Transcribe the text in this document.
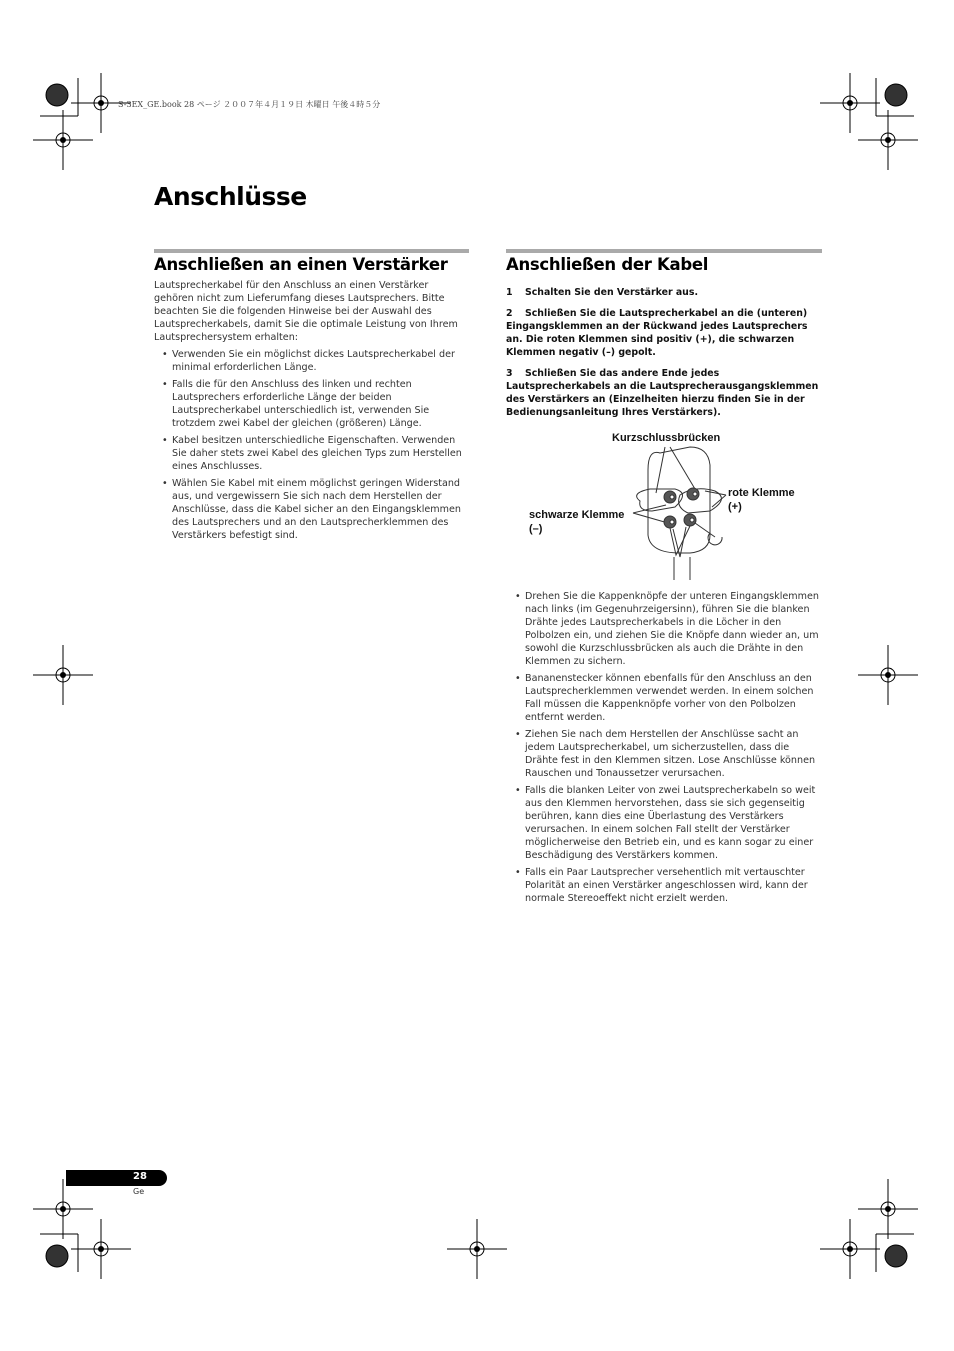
S-3EX_GE.book 28 ページ ２００７年４月１９日 木曜日 午後４時５分
Anschlüsse
Anschließen an einen Verstärker
Lautsprecherkabel für den Anschluss an einen Verstärker gehören nicht zum Lieferumfang dieses Lautsprechers. Bitte beachten Sie die folgenden Hinweise bei der Auswahl des Lautsprecherkabels, damit Sie die optimale Leistung von Ihrem Lautsprechersystem erhalten:
• Verwenden Sie ein möglichst dickes Lautsprecherkabel der minimal erforderlichen Länge.
• Falls die für den Anschluss des linken und rechten Lautsprechers erforderliche Länge der beiden Lautsprecherkabel unterschiedlich ist, verwenden Sie trotzdem zwei Kabel der gleichen (größeren) Länge.
• Kabel besitzen unterschiedliche Eigenschaften. Verwenden Sie daher stets zwei Kabel des gleichen Typs zum Herstellen eines Anschlusses.
• Wählen Sie Kabel mit einem möglichst geringen Widerstand aus, und vergewissern Sie sich nach dem Herstellen der Anschlüsse, dass die Kabel sicher an den Eingangsklemmen des Lautsprechers und an den Lautsprecherklemmen des Verstärkers befestigt sind.
Anschließen der Kabel
1 Schalten Sie den Verstärker aus.
2 Schließen Sie die Lautsprecherkabel an die (unteren) Eingangsklemmen an der Rückwand jedes Lautsprechers an. Die roten Klemmen sind positiv (+), die schwarzen Klemmen negativ (–) gepolt.
3 Schließen Sie das andere Ende jedes Lautsprecherkabels an die Lautsprecherausgangsklemmen des Verstärkers an (Einzelheiten hierzu finden Sie in der Bedienungsanleitung Ihres Verstärkers).
Kurzschlussbrücken
rote Klemme
(+)
schwarze Klemme
(–)
• Drehen Sie die Kappenknöpfe der unteren Eingangsklemmen nach links (im Gegenuhrzeigersinn), führen Sie die blanken Drähte jedes Lautsprecherkabels in die Löcher in den Polbolzen ein, und ziehen Sie die Knöpfe dann wieder an, um sowohl die Kurzschlussbrücken als auch die Drähte in den Klemmen zu sichern.
• Bananenstecker können ebenfalls für den Anschluss an den Lautsprecherklemmen verwendet werden. In einem solchen Fall müssen die Kappenknöpfe vorher von den Polbolzen entfernt werden.
• Ziehen Sie nach dem Herstellen der Anschlüsse sacht an jedem Lautsprecherkabel, um sicherzustellen, dass die Drähte fest in den Klemmen sitzen. Lose Anschlüsse können Rauschen und Tonaussetzer verursachen.
• Falls die blanken Leiter von zwei Lautsprecherkabeln so weit aus den Klemmen hervorstehen, dass sie sich gegenseitig berühren, kann dies eine Überlastung des Verstärkers verursachen. In einem solchen Fall stellt der Verstärker möglicherweise den Betrieb ein, und es kann sogar zu einer Beschädigung des Verstärkers kommen.
• Falls ein Paar Lautsprecher versehentlich mit vertauschter Polarität an einen Verstärker angeschlossen wird, kann der normale Stereoeffekt nicht erzielt werden.
28
Ge
